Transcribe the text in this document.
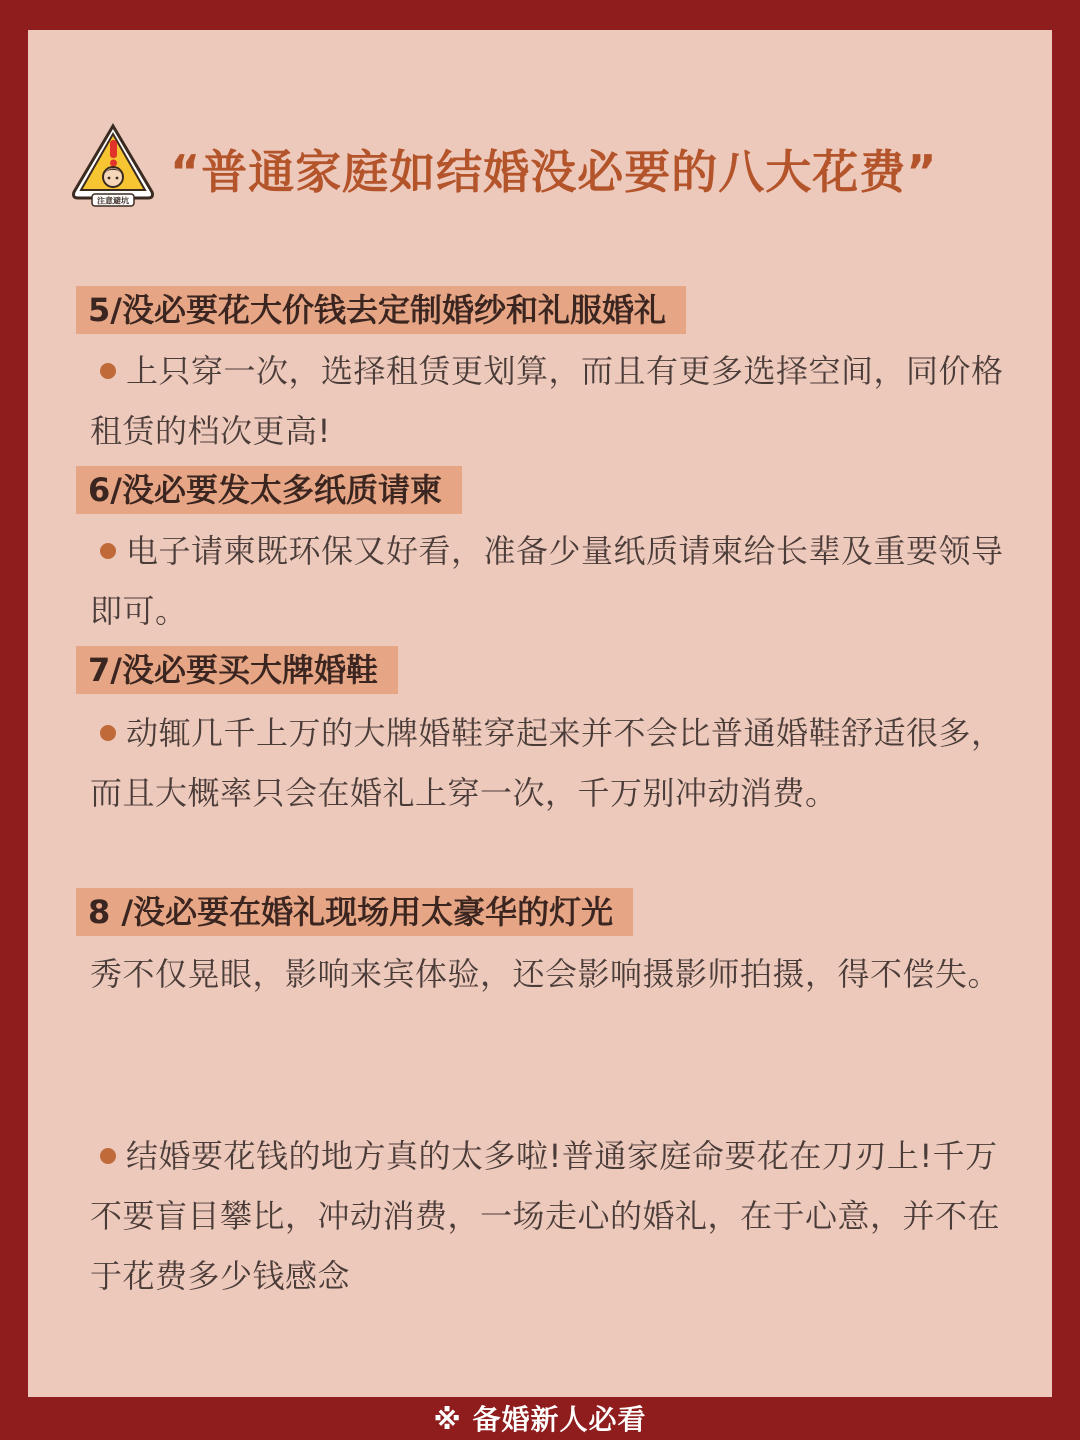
注意避坑
“普通家庭如结婚没必要的八大花费”
5/没必要花大价钱去定制婚纱和礼服婚礼
上只穿一次，选择租赁更划算，而且有更多选择空间，同价格租赁的档次更高!
6/没必要发太多纸质请柬
电子请柬既环保又好看，准备少量纸质请柬给长辈及重要领导即可。
7/没必要买大牌婚鞋
动辄几千上万的大牌婚鞋穿起来并不会比普通婚鞋舒适很多，而且大概率只会在婚礼上穿一次，千万别冲动消费。
8 /没必要在婚礼现场用太豪华的灯光
秀不仅晃眼，影响来宾体验，还会影响摄影师拍摄，得不偿失。
结婚要花钱的地方真的太多啦!普通家庭命要花在刀刃上!千万不要盲目攀比，冲动消费，一场走心的婚礼，在于心意，并不在于花费多少钱感念
※ 备婚新人必看
